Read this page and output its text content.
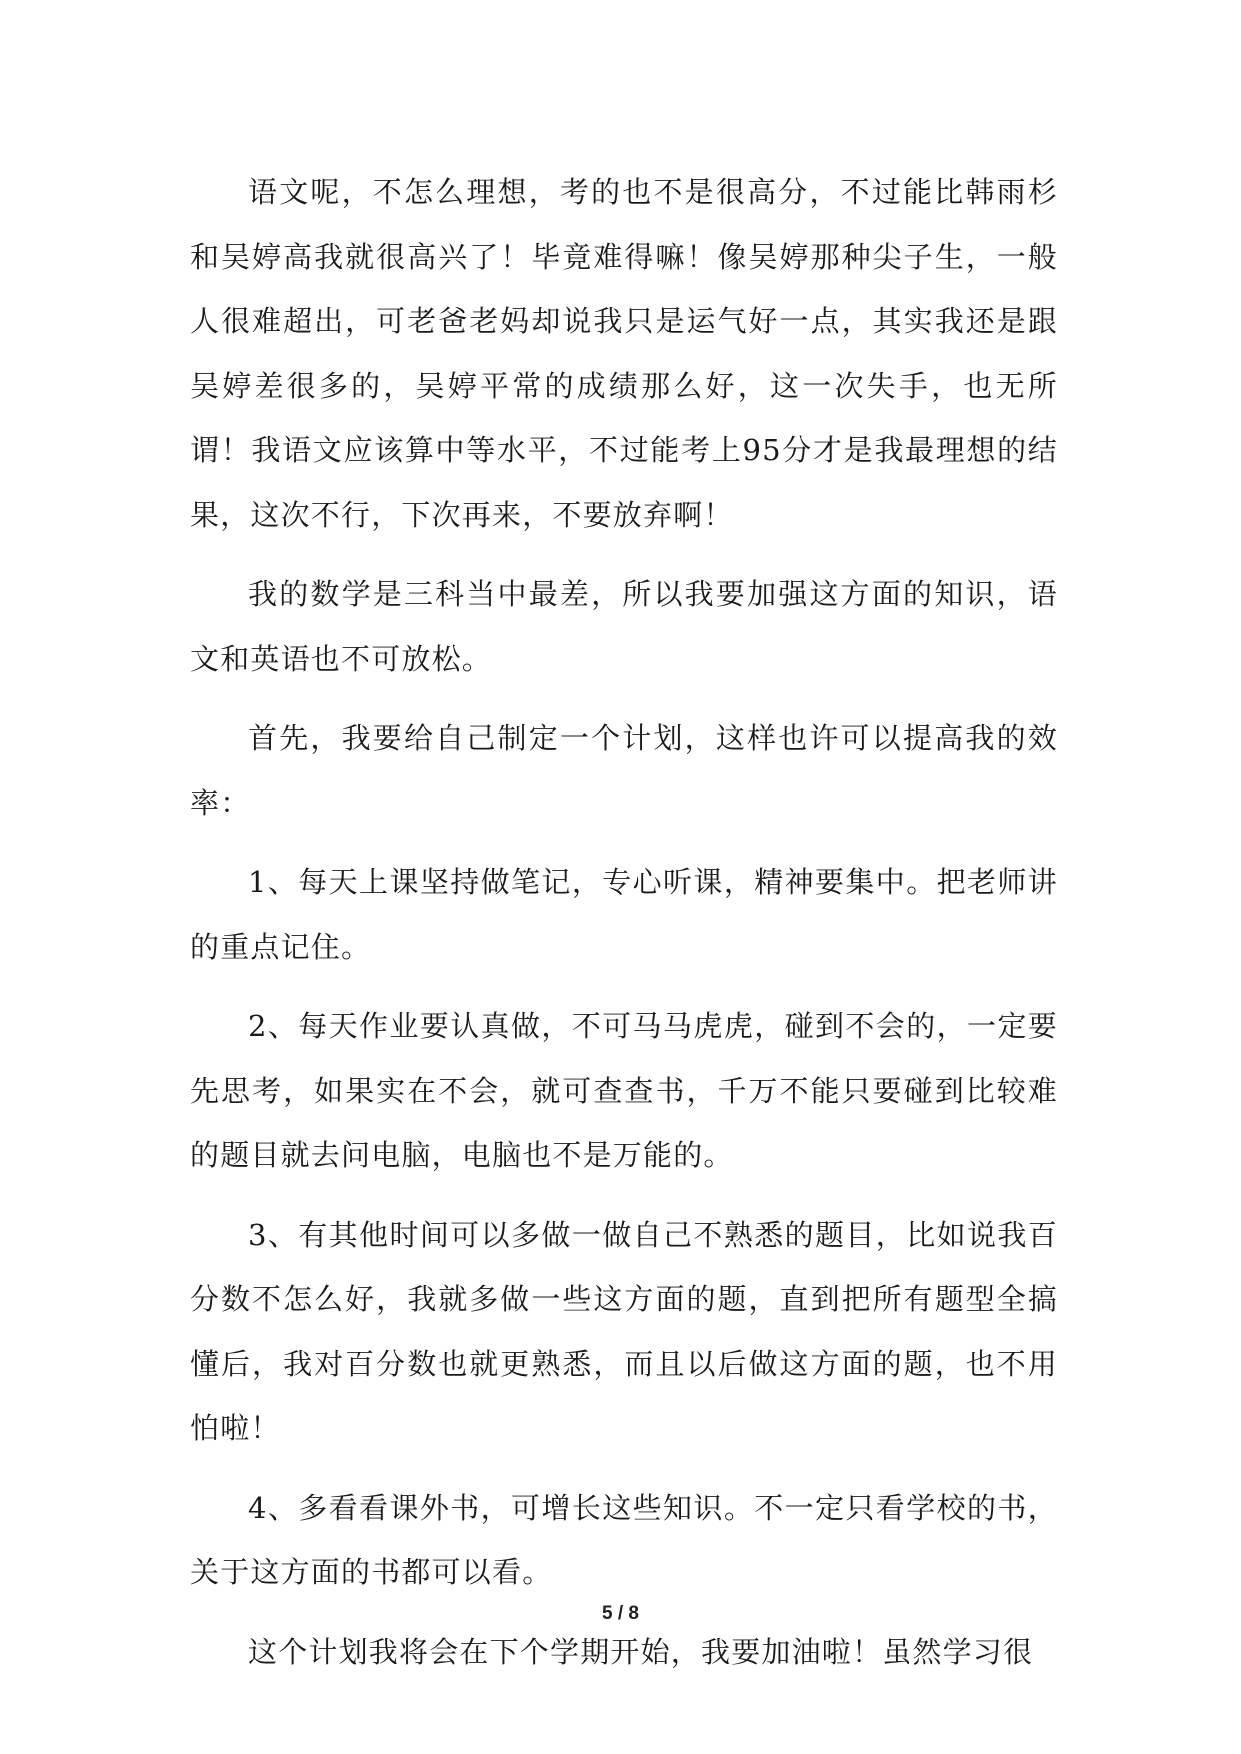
语文呢，不怎么理想，考的也不是很高分，不过能比韩雨杉和吴婷高我就很高兴了！毕竟难得嘛！像吴婷那种尖子生，一般人很难超出，可老爸老妈却说我只是运气好一点，其实我还是跟吴婷差很多的，吴婷平常的成绩那么好，这一次失手，也无所谓！我语文应该算中等水平，不过能考上95分才是我最理想的结果，这次不行，下次再来，不要放弃啊！

我的数学是三科当中最差，所以我要加强这方面的知识，语文和英语也不可放松。

首先，我要给自己制定一个计划，这样也许可以提高我的效率：

1、每天上课坚持做笔记，专心听课，精神要集中。把老师讲的重点记住。

2、每天作业要认真做，不可马马虎虎，碰到不会的，一定要先思考，如果实在不会，就可查查书，千万不能只要碰到比较难的题目就去问电脑，电脑也不是万能的。

3、有其他时间可以多做一做自己不熟悉的题目，比如说我百分数不怎么好，我就多做一些这方面的题，直到把所有题型全搞懂后，我对百分数也就更熟悉，而且以后做这方面的题，也不用怕啦！

4、多看看课外书，可增长这些知识。不一定只看学校的书，关于这方面的书都可以看。

这个计划我将会在下个学期开始，我要加油啦！虽然学习很

5 / 8
